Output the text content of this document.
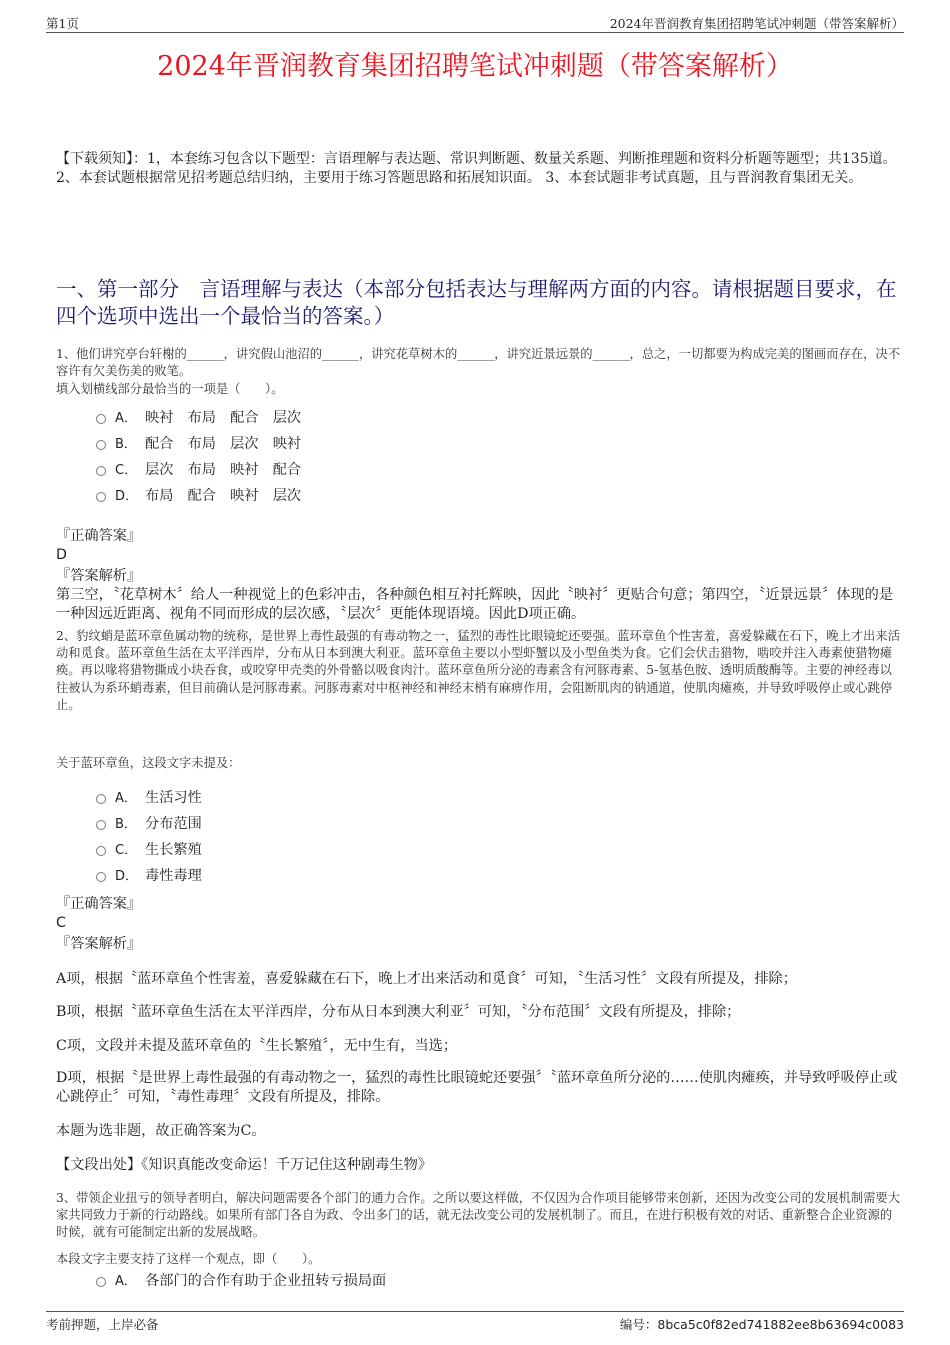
第1页	2024年晋润教育集团招聘笔试冲刺题（带答案解析）
2024年晋润教育集团招聘笔试冲刺题（带答案解析）
【下载须知】：1，本套练习包含以下题型：言语理解与表达题、常识判断题、数量关系题、判断推理题和资料分析题等题型；共135道。 2、本套试题根据常见招考题总结归纳，主要用于练习答题思路和拓展知识面。 3、本套试题非考试真题，且与晋润教育集团无关。
一、第一部分　言语理解与表达（本部分包括表达与理解两方面的内容。请根据题目要求，在四个选项中选出一个最恰当的答案。）
1、他们讲究亭台轩榭的______，讲究假山池沼的______，讲究花草树木的______，讲究近景远景的______，总之，一切都要为构成完美的图画而存在，决不容许有欠美伤美的败笔。
填入划横线部分最恰当的一项是（　　）。
A． 映衬　布局　配合　层次
B． 配合　布局　层次　映衬
C． 层次　布局　映衬　配合
D． 布局　配合　映衬　层次
『正确答案』
D
『答案解析』
第三空，〝花草树木〞给人一种视觉上的色彩冲击，各种颜色相互衬托辉映，因此〝映衬〞更贴合句意；第四空，〝近景远景〞体现的是一种因远近距离、视角不同而形成的层次感，〝层次〞更能体现语境。因此D项正确。
2、豹纹蛸是蓝环章鱼属动物的统称，是世界上毒性最强的有毒动物之一，猛烈的毒性比眼镜蛇还要强。蓝环章鱼个性害羞，喜爱躲藏在石下，晚上才出来活动和觅食。蓝环章鱼生活在太平洋西岸，分布从日本到澳大利亚。蓝环章鱼主要以小型虾蟹以及小型鱼类为食。它们会伏击猎物，啮咬并注入毒素使猎物瘫痪。再以喙将猎物撕成小块吞食，或咬穿甲壳类的外骨骼以吸食肉汁。蓝环章鱼所分泌的毒素含有河豚毒素、5-氢基色胺、透明质酸酶等。主要的神经毒以往被认为系环蛸毒素，但目前确认是河豚毒素。河豚毒素对中枢神经和神经末梢有麻痹作用，会阻断肌肉的钠通道，使肌肉瘫痪，并导致呼吸停止或心跳停止。
关于蓝环章鱼，这段文字未提及：
A． 生活习性
B． 分布范围
C． 生长繁殖
D． 毒性毒理
『正确答案』
C
『答案解析』
A项，根据〝蓝环章鱼个性害羞，喜爱躲藏在石下，晚上才出来活动和觅食〞可知，〝生活习性〞文段有所提及，排除；
B项，根据〝蓝环章鱼生活在太平洋西岸，分布从日本到澳大利亚〞可知，〝分布范围〞文段有所提及，排除；
C项，文段并未提及蓝环章鱼的〝生长繁殖〞，无中生有，当选；
D项，根据〝是世界上毒性最强的有毒动物之一，猛烈的毒性比眼镜蛇还要强〞〝蓝环章鱼所分泌的……使肌肉瘫痪，并导致呼吸停止或心跳停止〞可知，〝毒性毒理〞文段有所提及，排除。
本题为选非题，故正确答案为C。
【文段出处】《知识真能改变命运！千万记住这种剧毒生物》
3、带领企业扭亏的领导者明白，解决问题需要各个部门的通力合作。之所以要这样做，不仅因为合作项目能够带来创新，还因为改变公司的发展机制需要大家共同致力于新的行动路线。如果所有部门各自为政、令出多门的话，就无法改变公司的发展机制了。而且，在进行积极有效的对话、重新整合企业资源的时候，就有可能制定出新的发展战略。
本段文字主要支持了这样一个观点，即（　　）。
A． 各部门的合作有助于企业扭转亏损局面
考前押题，上岸必备	编号：8bca5c0f82ed741882ee8b63694c0083
